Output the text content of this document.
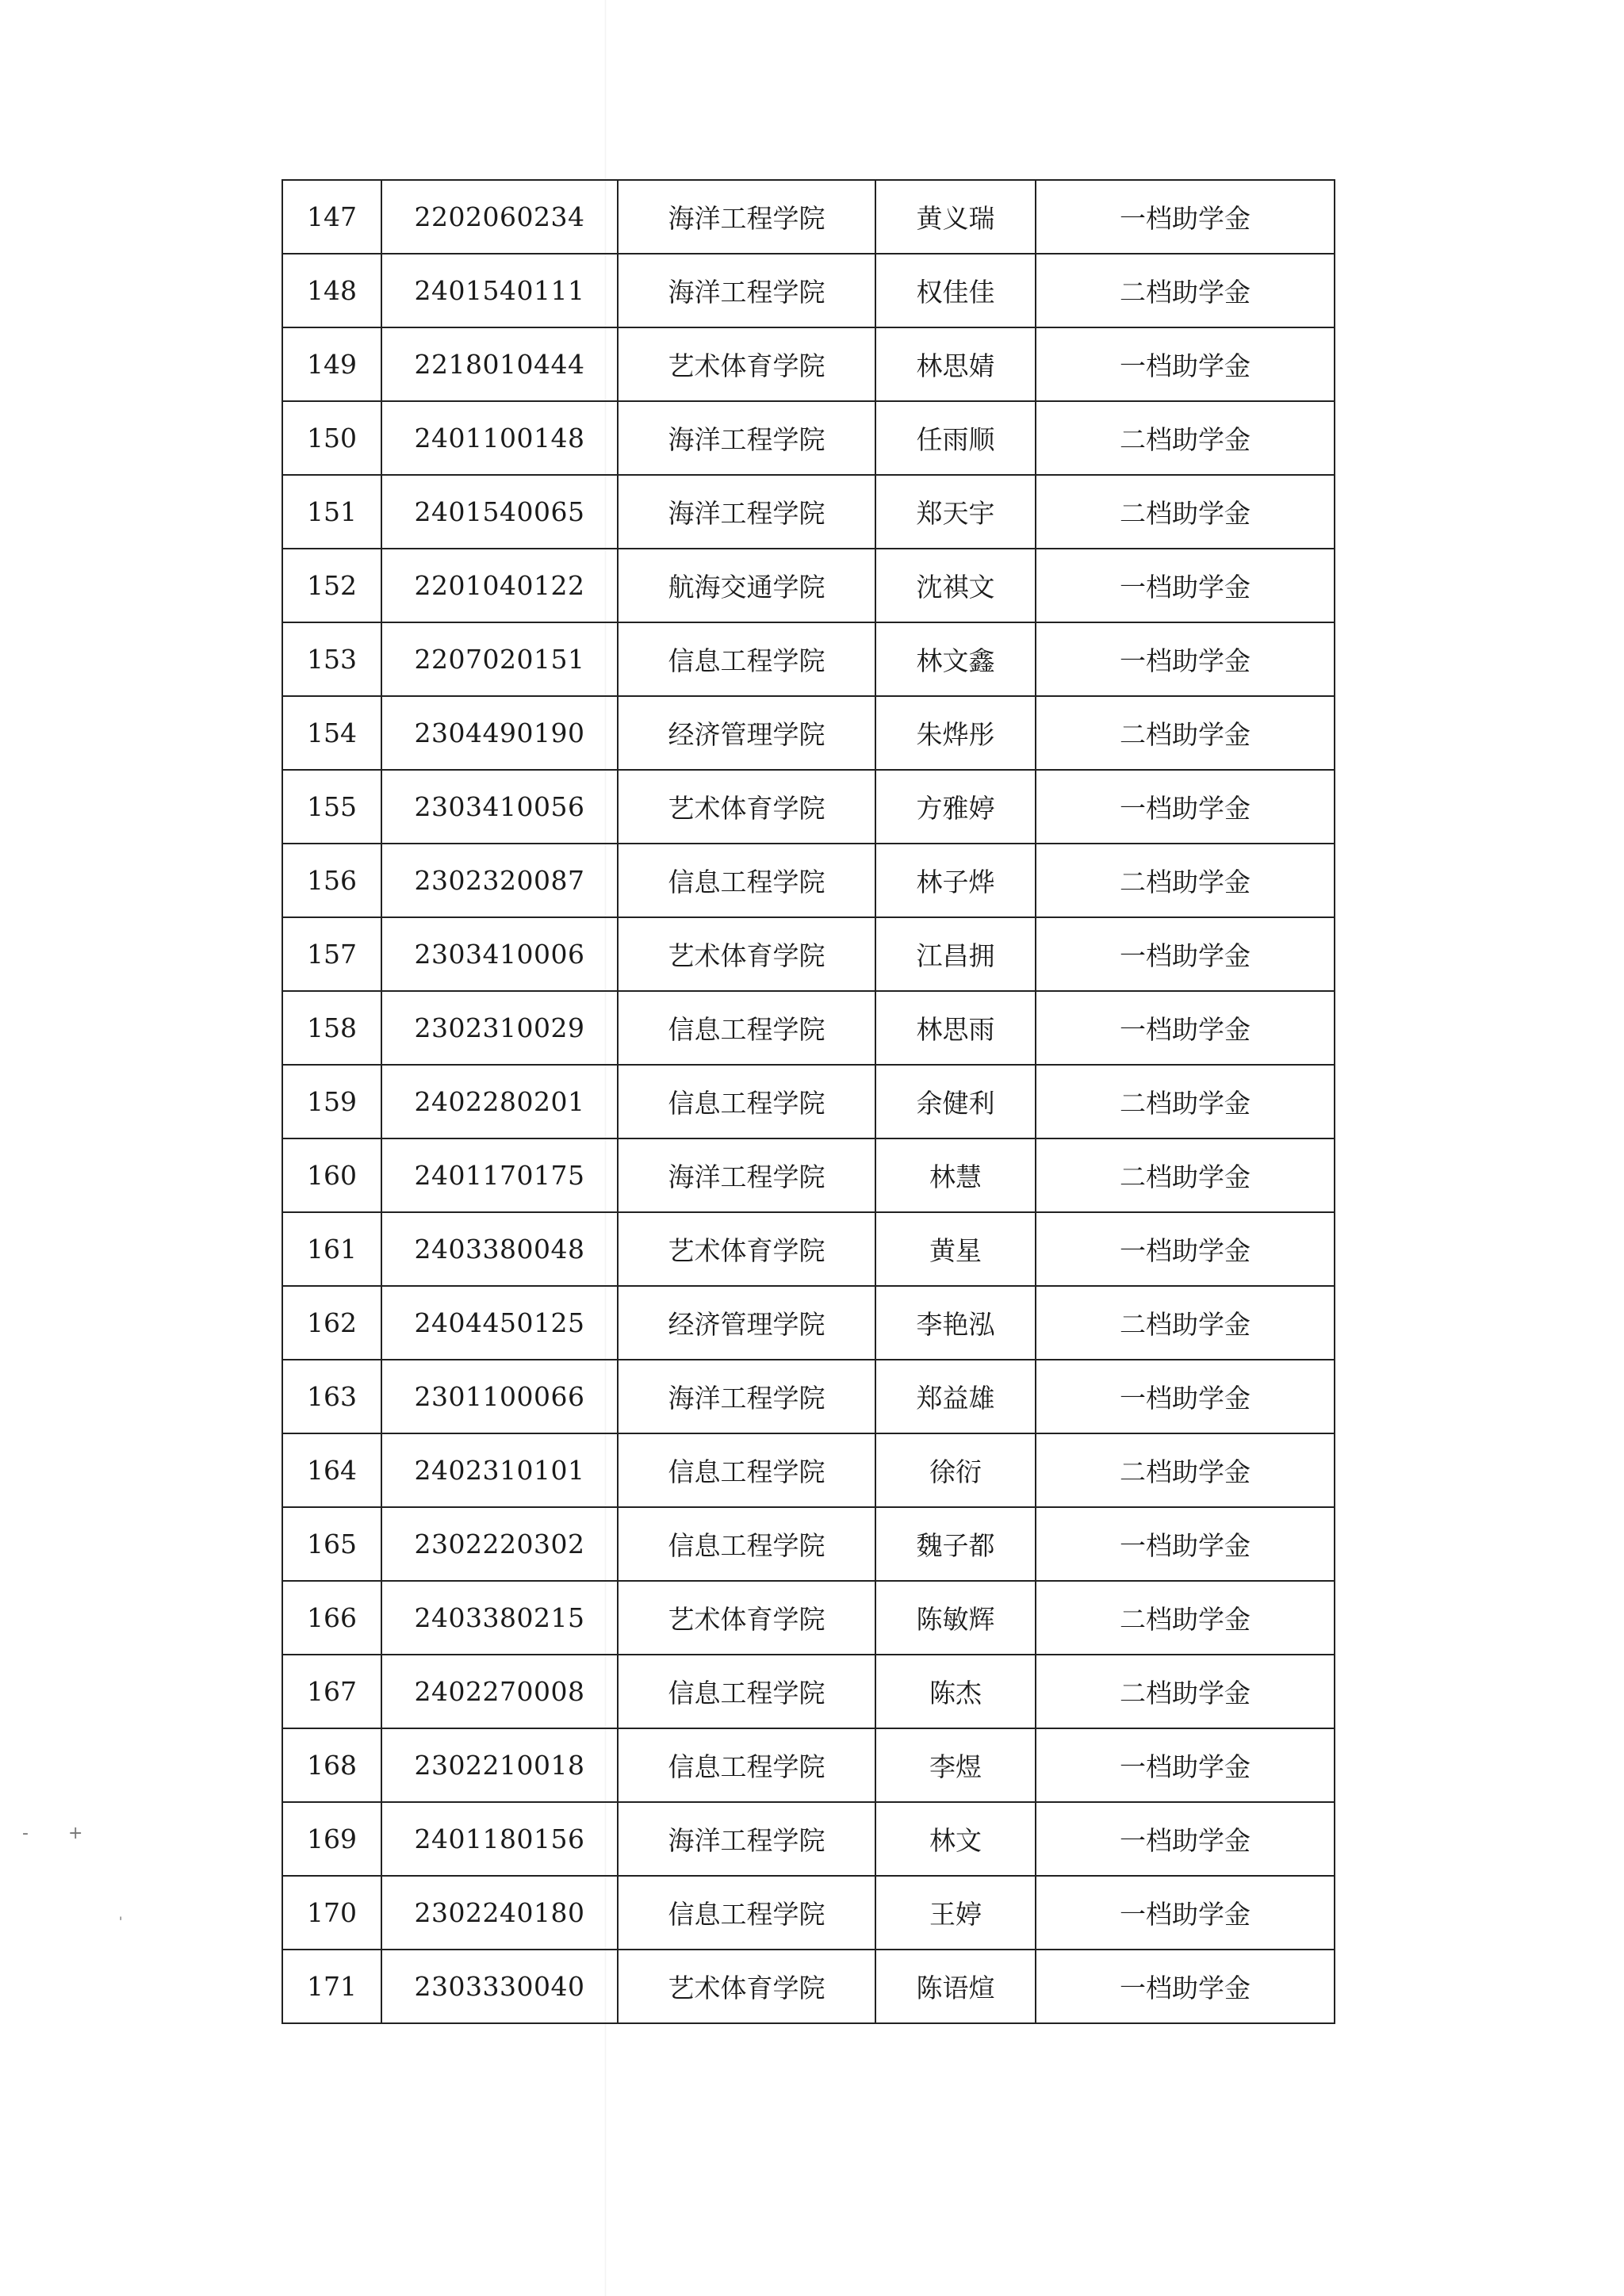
- +
'
147	2202060234	海洋工程学院	黄义瑞	一档助学金
148	2401540111	海洋工程学院	权佳佳	二档助学金
149	2218010444	艺术体育学院	林思婧	一档助学金
150	2401100148	海洋工程学院	任雨顺	二档助学金
151	2401540065	海洋工程学院	郑天宇	二档助学金
152	2201040122	航海交通学院	沈祺文	一档助学金
153	2207020151	信息工程学院	林文鑫	一档助学金
154	2304490190	经济管理学院	朱烨彤	二档助学金
155	2303410056	艺术体育学院	方雅婷	一档助学金
156	2302320087	信息工程学院	林子烨	二档助学金
157	2303410006	艺术体育学院	江昌拥	一档助学金
158	2302310029	信息工程学院	林思雨	一档助学金
159	2402280201	信息工程学院	余健利	二档助学金
160	2401170175	海洋工程学院	林慧	二档助学金
161	2403380048	艺术体育学院	黄星	一档助学金
162	2404450125	经济管理学院	李艳泓	二档助学金
163	2301100066	海洋工程学院	郑益雄	一档助学金
164	2402310101	信息工程学院	徐衍	二档助学金
165	2302220302	信息工程学院	魏子都	一档助学金
166	2403380215	艺术体育学院	陈敏辉	二档助学金
167	2402270008	信息工程学院	陈杰	二档助学金
168	2302210018	信息工程学院	李煜	一档助学金
169	2401180156	海洋工程学院	林文	一档助学金
170	2302240180	信息工程学院	王婷	一档助学金
171	2303330040	艺术体育学院	陈语煊	一档助学金
